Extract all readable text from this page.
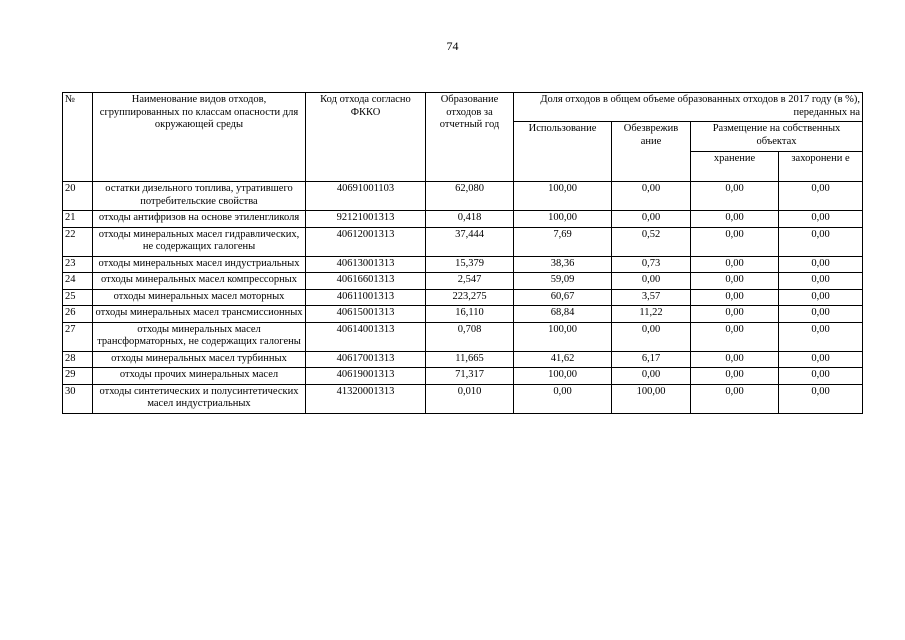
74
№	Наименование видов отходов, сгруппированных по классам опасности для окружающей среды	Код отхода согласно ФККО	Образование отходов за отчетный год	Доля отходов в общем объеме образованных отходов в 2017 году (в %), переданных на			
				Использование	Обезврежив ание	Размещение на собственных объектах	
						хранение	захоронени е
20	остатки дизельного топлива, утратившего потребительские свойства	40691001103	62,080	100,00	0,00	0,00	0,00
21	отходы антифризов на основе этиленгликоля	92121001313	0,418	100,00	0,00	0,00	0,00
22	отходы минеральных масел гидравлических, не содержащих галогены	40612001313	37,444	7,69	0,52	0,00	0,00
23	отходы минеральных масел индустриальных	40613001313	15,379	38,36	0,73	0,00	0,00
24	отходы минеральных масел компрессорных	40616601313	2,547	59,09	0,00	0,00	0,00
25	отходы минеральных масел моторных	40611001313	223,275	60,67	3,57	0,00	0,00
26	отходы минеральных масел трансмиссионных	40615001313	16,110	68,84	11,22	0,00	0,00
27	отходы минеральных масел трансформаторных, не содержащих галогены	40614001313	0,708	100,00	0,00	0,00	0,00
28	отходы минеральных масел турбинных	40617001313	11,665	41,62	6,17	0,00	0,00
29	отходы прочих минеральных масел	40619001313	71,317	100,00	0,00	0,00	0,00
30	отходы синтетических и полусинтетических масел индустриальных	41320001313	0,010	0,00	100,00	0,00	0,00
